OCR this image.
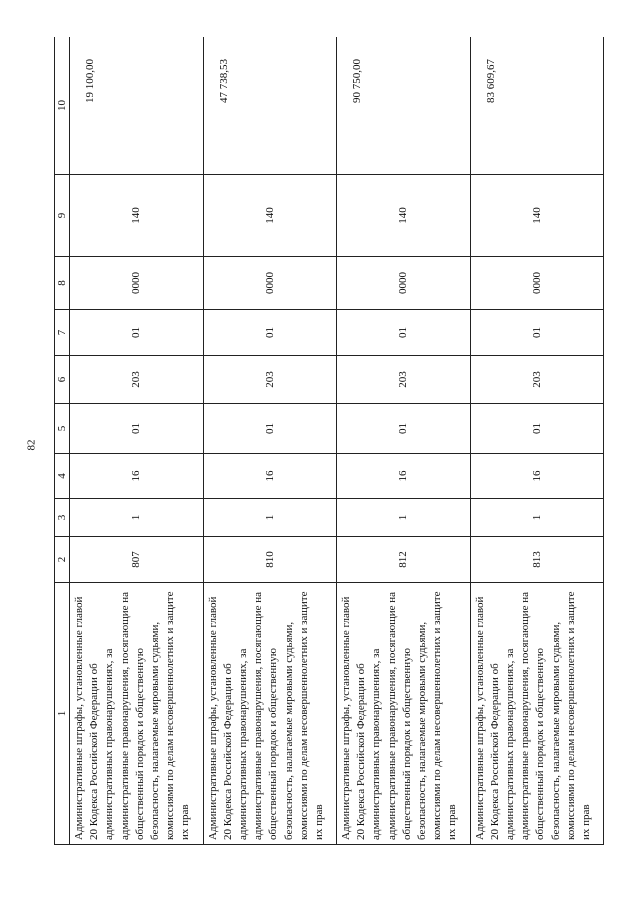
82
1	2	3	4	5	6	7	8	9	10
Административные штрафы, установленные главой 20 Кодекса Российской Федерации об административных правонарушениях, за административные правонарушения, посягающие на общественный порядок и общественную безопасность, налагаемые мировыми судьями, комиссиями по делам несовершеннолетних и защите их прав	807	1	16	01	203	01	0000	140	19 100,00
Административные штрафы, установленные главой 20 Кодекса Российской Федерации об административных правонарушениях, за административные правонарушения, посягающие на общественный порядок и общественную безопасность, налагаемые мировыми судьями, комиссиями по делам несовершеннолетних и защите их прав	810	1	16	01	203	01	0000	140	47 738,53
Административные штрафы, установленные главой 20 Кодекса Российской Федерации об административных правонарушениях, за административные правонарушения, посягающие на общественный порядок и общественную безопасность, налагаемые мировыми судьями, комиссиями по делам несовершеннолетних и защите их прав	812	1	16	01	203	01	0000	140	90 750,00
Административные штрафы, установленные главой 20 Кодекса Российской Федерации об административных правонарушениях, за административные правонарушения, посягающие на общественный порядок и общественную безопасность, налагаемые мировыми судьями, комиссиями по делам несовершеннолетних и защите их прав	813	1	16	01	203	01	0000	140	83 609,67
